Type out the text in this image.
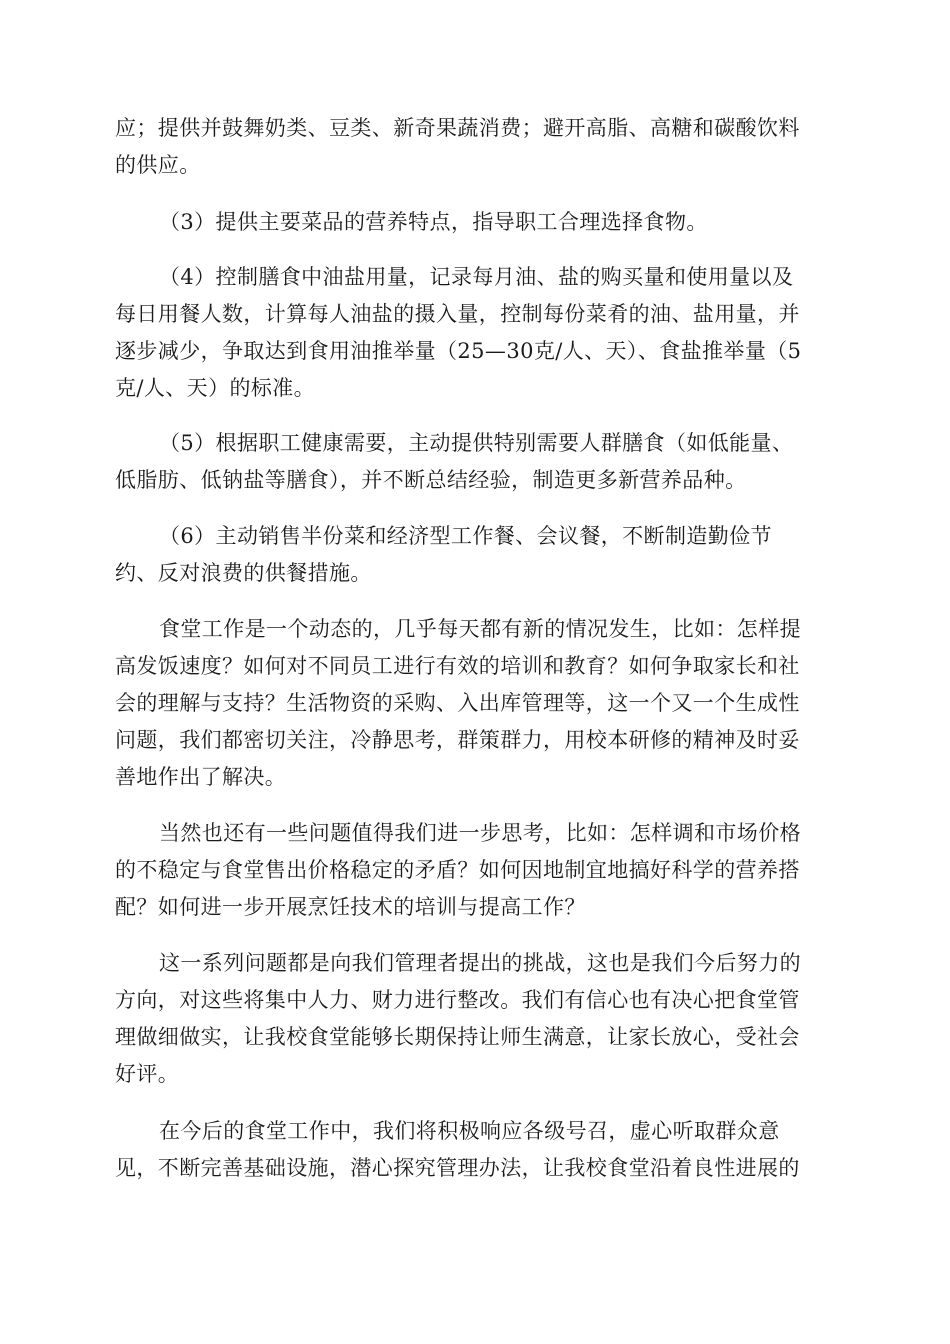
应；提供并鼓舞奶类、豆类、新奇果蔬消费；避开高脂、高糖和碳酸饮料
的供应。
（3）提供主要菜品的营养特点，指导职工合理选择食物。
（4）控制膳食中油盐用量，记录每月油、盐的购买量和使用量以及
每日用餐人数，计算每人油盐的摄入量，控制每份菜肴的油、盐用量，并
逐步减少，争取达到食用油推举量（25—30克/人、天）、食盐推举量（5
克/人、天）的标准。
（5）根据职工健康需要，主动提供特别需要人群膳食（如低能量、
低脂肪、低钠盐等膳食），并不断总结经验，制造更多新营养品种。
（6）主动销售半份菜和经济型工作餐、会议餐，不断制造勤俭节
约、反对浪费的供餐措施。
食堂工作是一个动态的，几乎每天都有新的情况发生，比如：怎样提
高发饭速度？如何对不同员工进行有效的培训和教育？如何争取家长和社
会的理解与支持？生活物资的采购、入出库管理等，这一个又一个生成性
问题，我们都密切关注，冷静思考，群策群力，用校本研修的精神及时妥
善地作出了解决。
当然也还有一些问题值得我们进一步思考，比如：怎样调和市场价格
的不稳定与食堂售出价格稳定的矛盾？如何因地制宜地搞好科学的营养搭
配？如何进一步开展烹饪技术的培训与提高工作？
这一系列问题都是向我们管理者提出的挑战，这也是我们今后努力的
方向，对这些将集中人力、财力进行整改。我们有信心也有决心把食堂管
理做细做实，让我校食堂能够长期保持让师生满意，让家长放心，受社会
好评。
在今后的食堂工作中，我们将积极响应各级号召，虚心听取群众意
见，不断完善基础设施，潜心探究管理办法，让我校食堂沿着良性进展的
